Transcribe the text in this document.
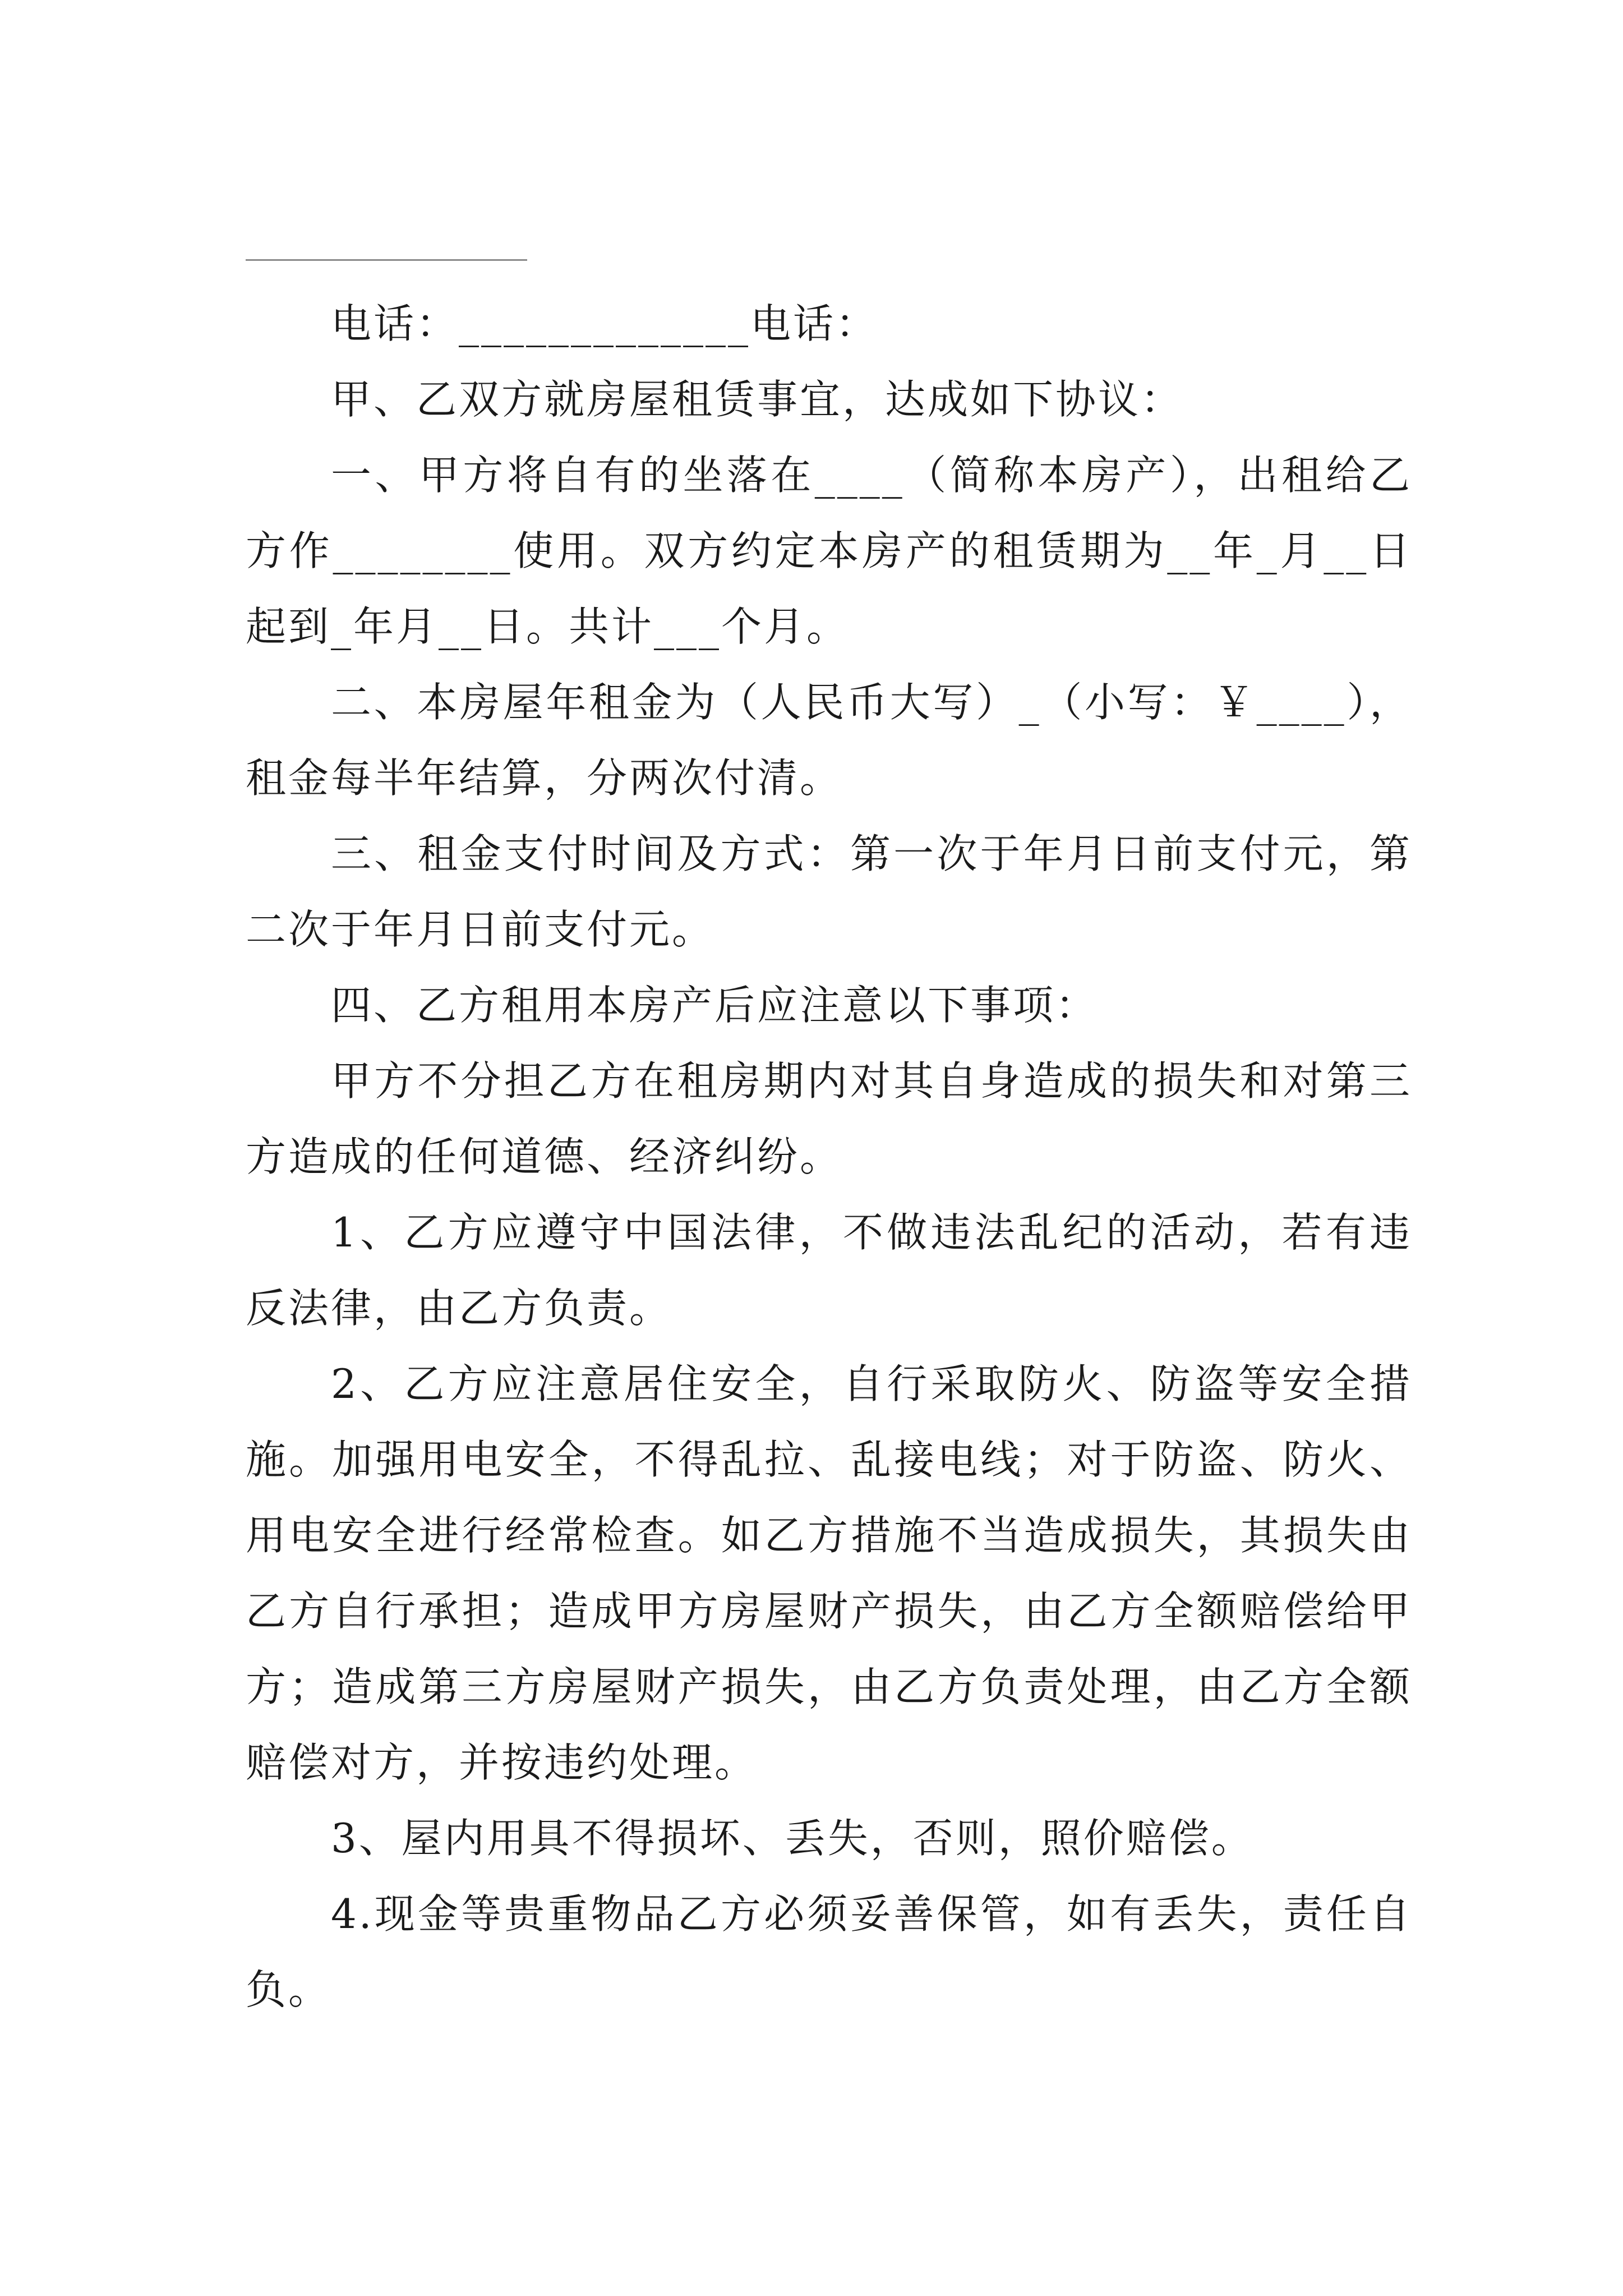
电话：_____________电话：

甲、乙双方就房屋租赁事宜，达成如下协议：

一、甲方将自有的坐落在____（简称本房产），出租给乙方作________使用。双方约定本房产的租赁期为__年_月__日起到_年月__日。共计___个月。

二、本房屋年租金为（人民币大写）_（小写：￥____），租金每半年结算，分两次付清。

三、租金支付时间及方式：第一次于年月日前支付元，第二次于年月日前支付元。

四、乙方租用本房产后应注意以下事项：

甲方不分担乙方在租房期内对其自身造成的损失和对第三方造成的任何道德、经济纠纷。

1、乙方应遵守中国法律，不做违法乱纪的活动，若有违反法律，由乙方负责。

2、乙方应注意居住安全，自行采取防火、防盗等安全措施。加强用电安全，不得乱拉、乱接电线；对于防盗、防火、用电安全进行经常检查。如乙方措施不当造成损失，其损失由乙方自行承担；造成甲方房屋财产损失，由乙方全额赔偿给甲方；造成第三方房屋财产损失，由乙方负责处理，由乙方全额赔偿对方，并按违约处理。

3、屋内用具不得损坏、丢失，否则，照价赔偿。

4.现金等贵重物品乙方必须妥善保管，如有丢失，责任自负。
